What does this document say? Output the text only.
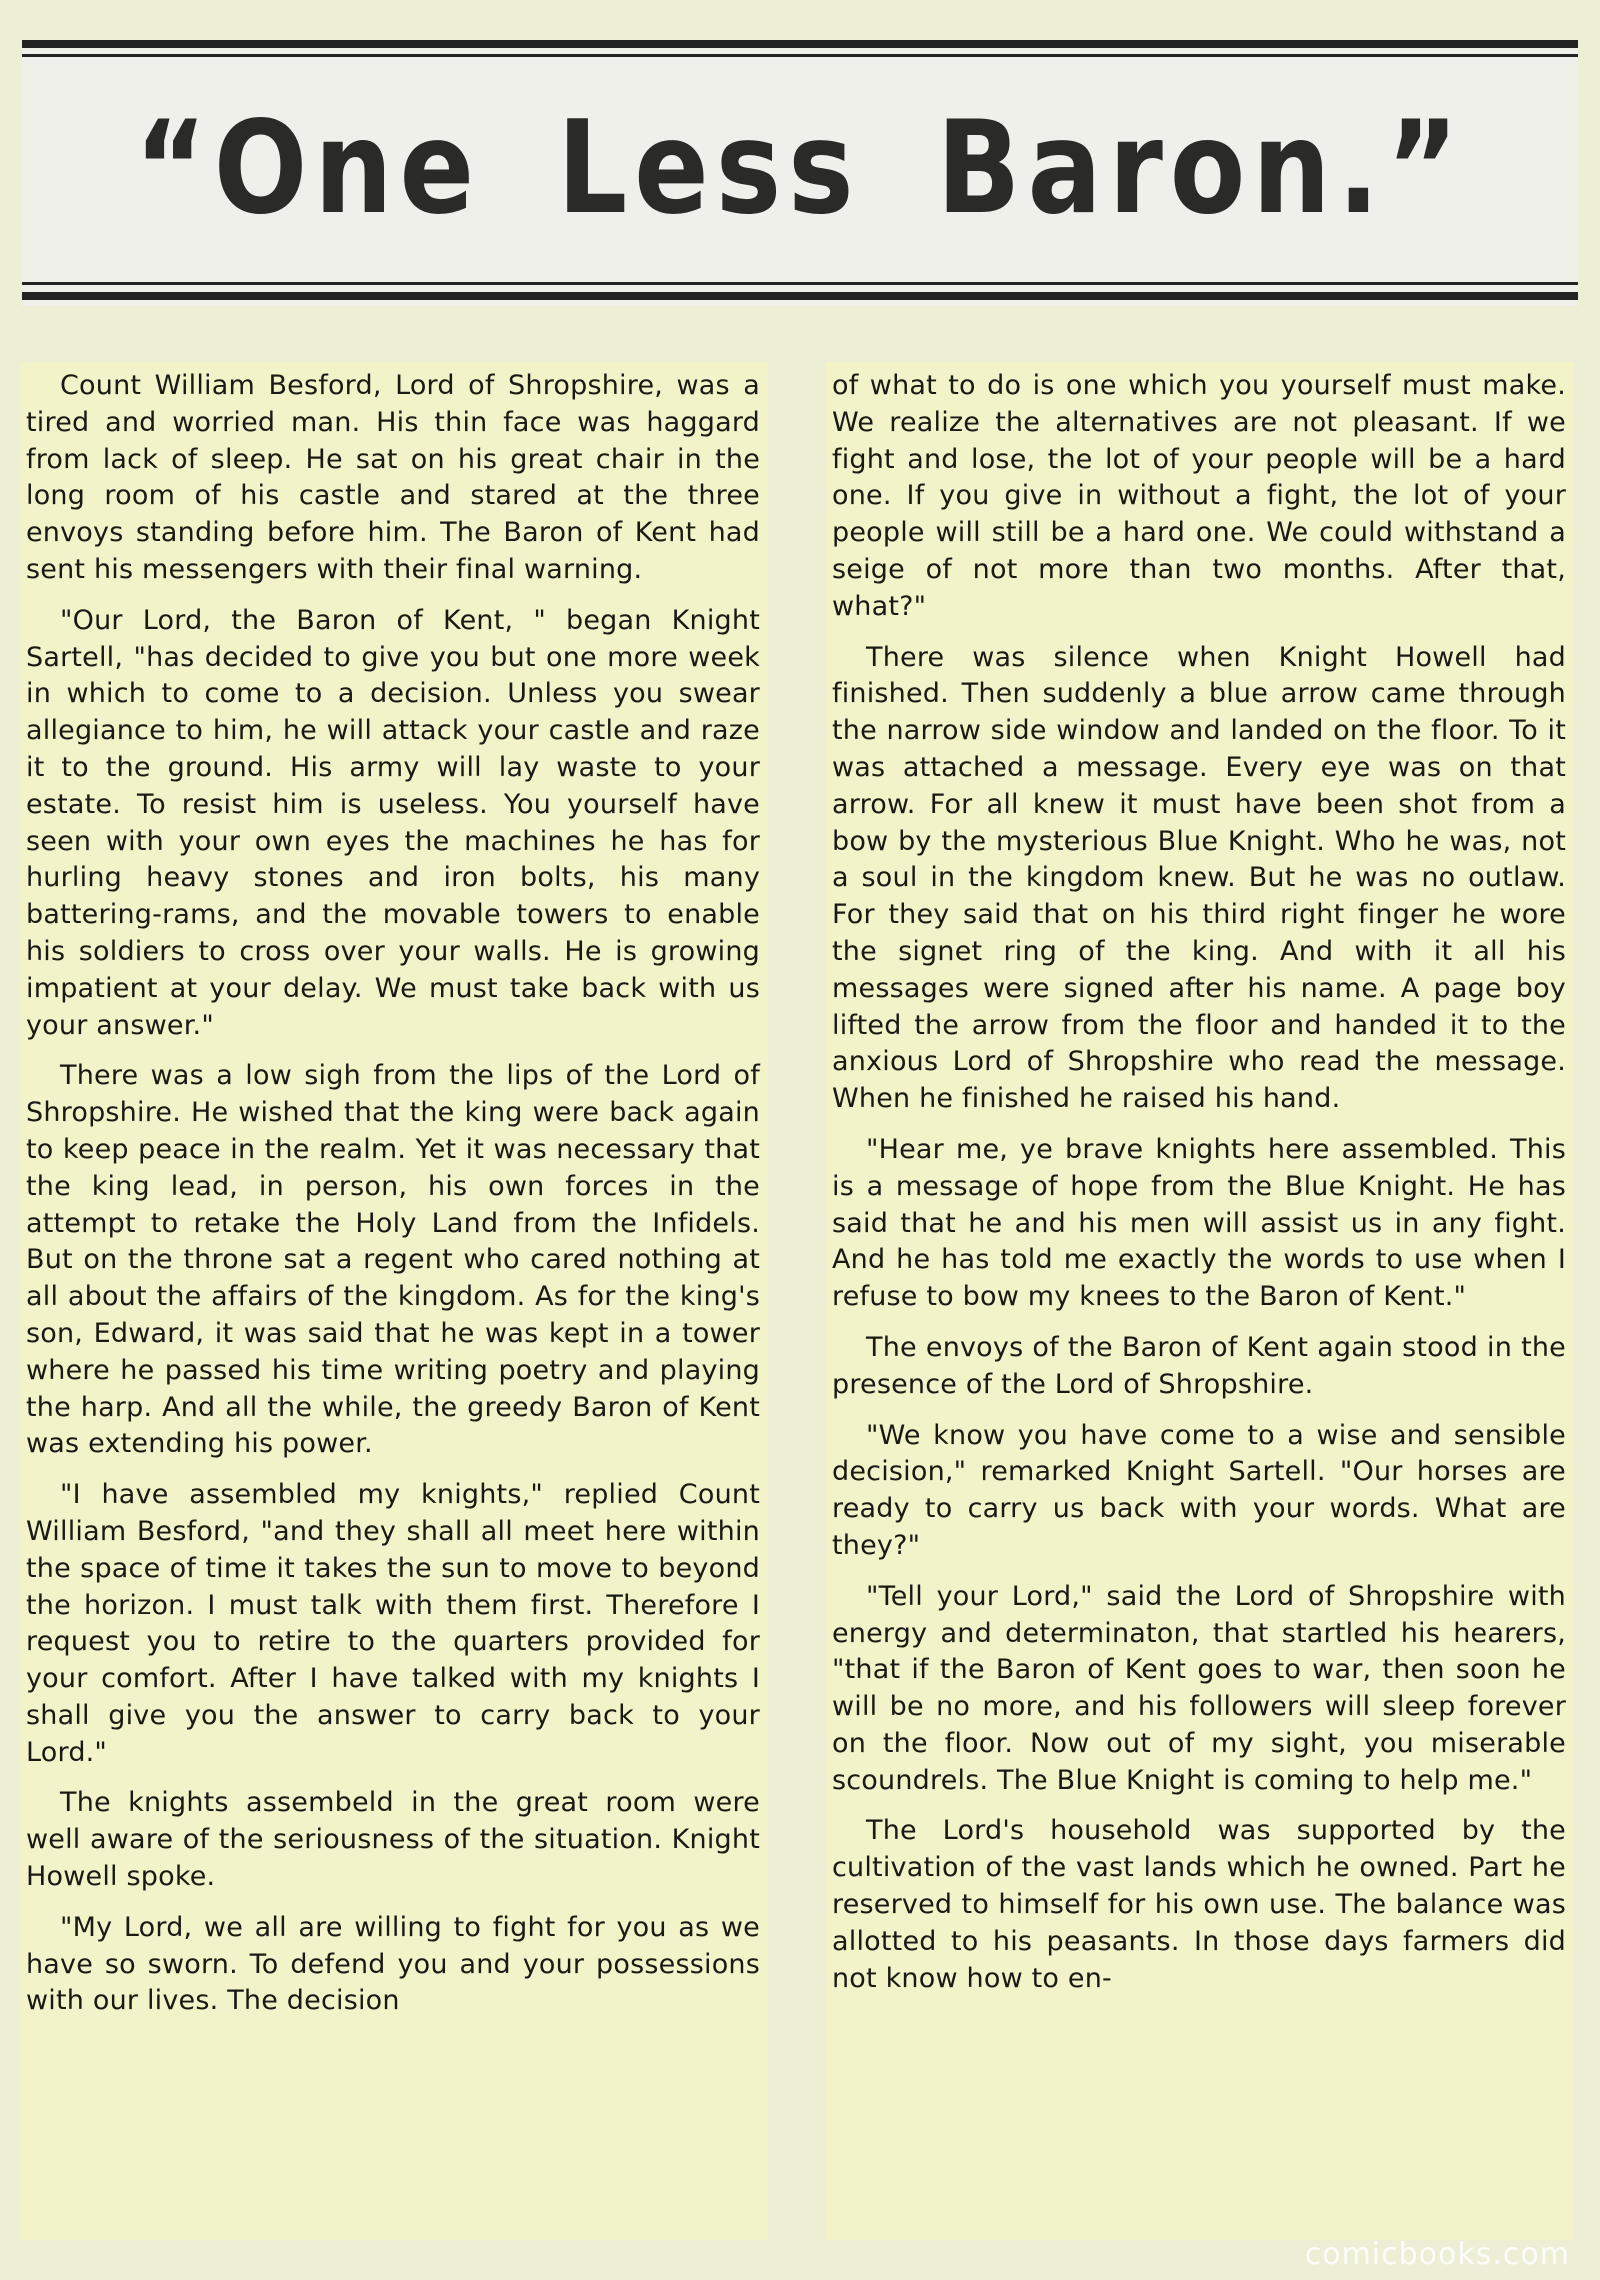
“One Less Baron.”

Count William Besford, Lord of Shropshire, was a tired and worried man. His thin face was haggard from lack of sleep. He sat on his great chair in the long room of his castle and stared at the three envoys standing before him. The Baron of Kent had sent his messengers with their final warning.

"Our Lord, the Baron of Kent, " began Knight Sartell, "has decided to give you but one more week in which to come to a decision. Unless you swear allegiance to him, he will attack your castle and raze it to the ground. His army will lay waste to your estate. To resist him is useless. You yourself have seen with your own eyes the machines he has for hurling heavy stones and iron bolts, his many battering-rams, and the movable towers to enable his soldiers to cross over your walls. He is growing impatient at your delay. We must take back with us your answer."

There was a low sigh from the lips of the Lord of Shropshire. He wished that the king were back again to keep peace in the realm. Yet it was necessary that the king lead, in person, his own forces in the attempt to retake the Holy Land from the Infidels. But on the throne sat a regent who cared nothing at all about the affairs of the kingdom. As for the king's son, Edward, it was said that he was kept in a tower where he passed his time writing poetry and playing the harp. And all the while, the greedy Baron of Kent was extending his power.

"I have assembled my knights," replied Count William Besford, "and they shall all meet here within the space of time it takes the sun to move to beyond the horizon. I must talk with them first. Therefore I request you to retire to the quarters provided for your comfort. After I have talked with my knights I shall give you the answer to carry back to your Lord."

The knights assembeld in the great room were well aware of the seriousness of the situation. Knight Howell spoke.

"My Lord, we all are willing to fight for you as we have so sworn. To defend you and your possessions with our lives. The decision

of what to do is one which you yourself must make. We realize the alternatives are not pleasant. If we fight and lose, the lot of your people will be a hard one. If you give in without a fight, the lot of your people will still be a hard one. We could withstand a seige of not more than two months. After that, what?"

There was silence when Knight Howell had finished. Then suddenly a blue arrow came through the narrow side window and landed on the floor. To it was attached a message. Every eye was on that arrow. For all knew it must have been shot from a bow by the mysterious Blue Knight. Who he was, not a soul in the kingdom knew. But he was no outlaw. For they said that on his third right finger he wore the signet ring of the king. And with it all his messages were signed after his name. A page boy lifted the arrow from the floor and handed it to the anxious Lord of Shropshire who read the message. When he finished he raised his hand.

"Hear me, ye brave knights here assembled. This is a message of hope from the Blue Knight. He has said that he and his men will assist us in any fight. And he has told me exactly the words to use when I refuse to bow my knees to the Baron of Kent."

The envoys of the Baron of Kent again stood in the presence of the Lord of Shropshire.

"We know you have come to a wise and sensible decision," remarked Knight Sartell. "Our horses are ready to carry us back with your words. What are they?"

"Tell your Lord," said the Lord of Shropshire with energy and determinaton, that startled his hearers, "that if the Baron of Kent goes to war, then soon he will be no more, and his followers will sleep forever on the floor. Now out of my sight, you miserable scoundrels. The Blue Knight is coming to help me."

The Lord's household was supported by the cultivation of the vast lands which he owned. Part he reserved to himself for his own use. The balance was allotted to his peasants. In those days farmers did not know how to en-

comicbooks.com
